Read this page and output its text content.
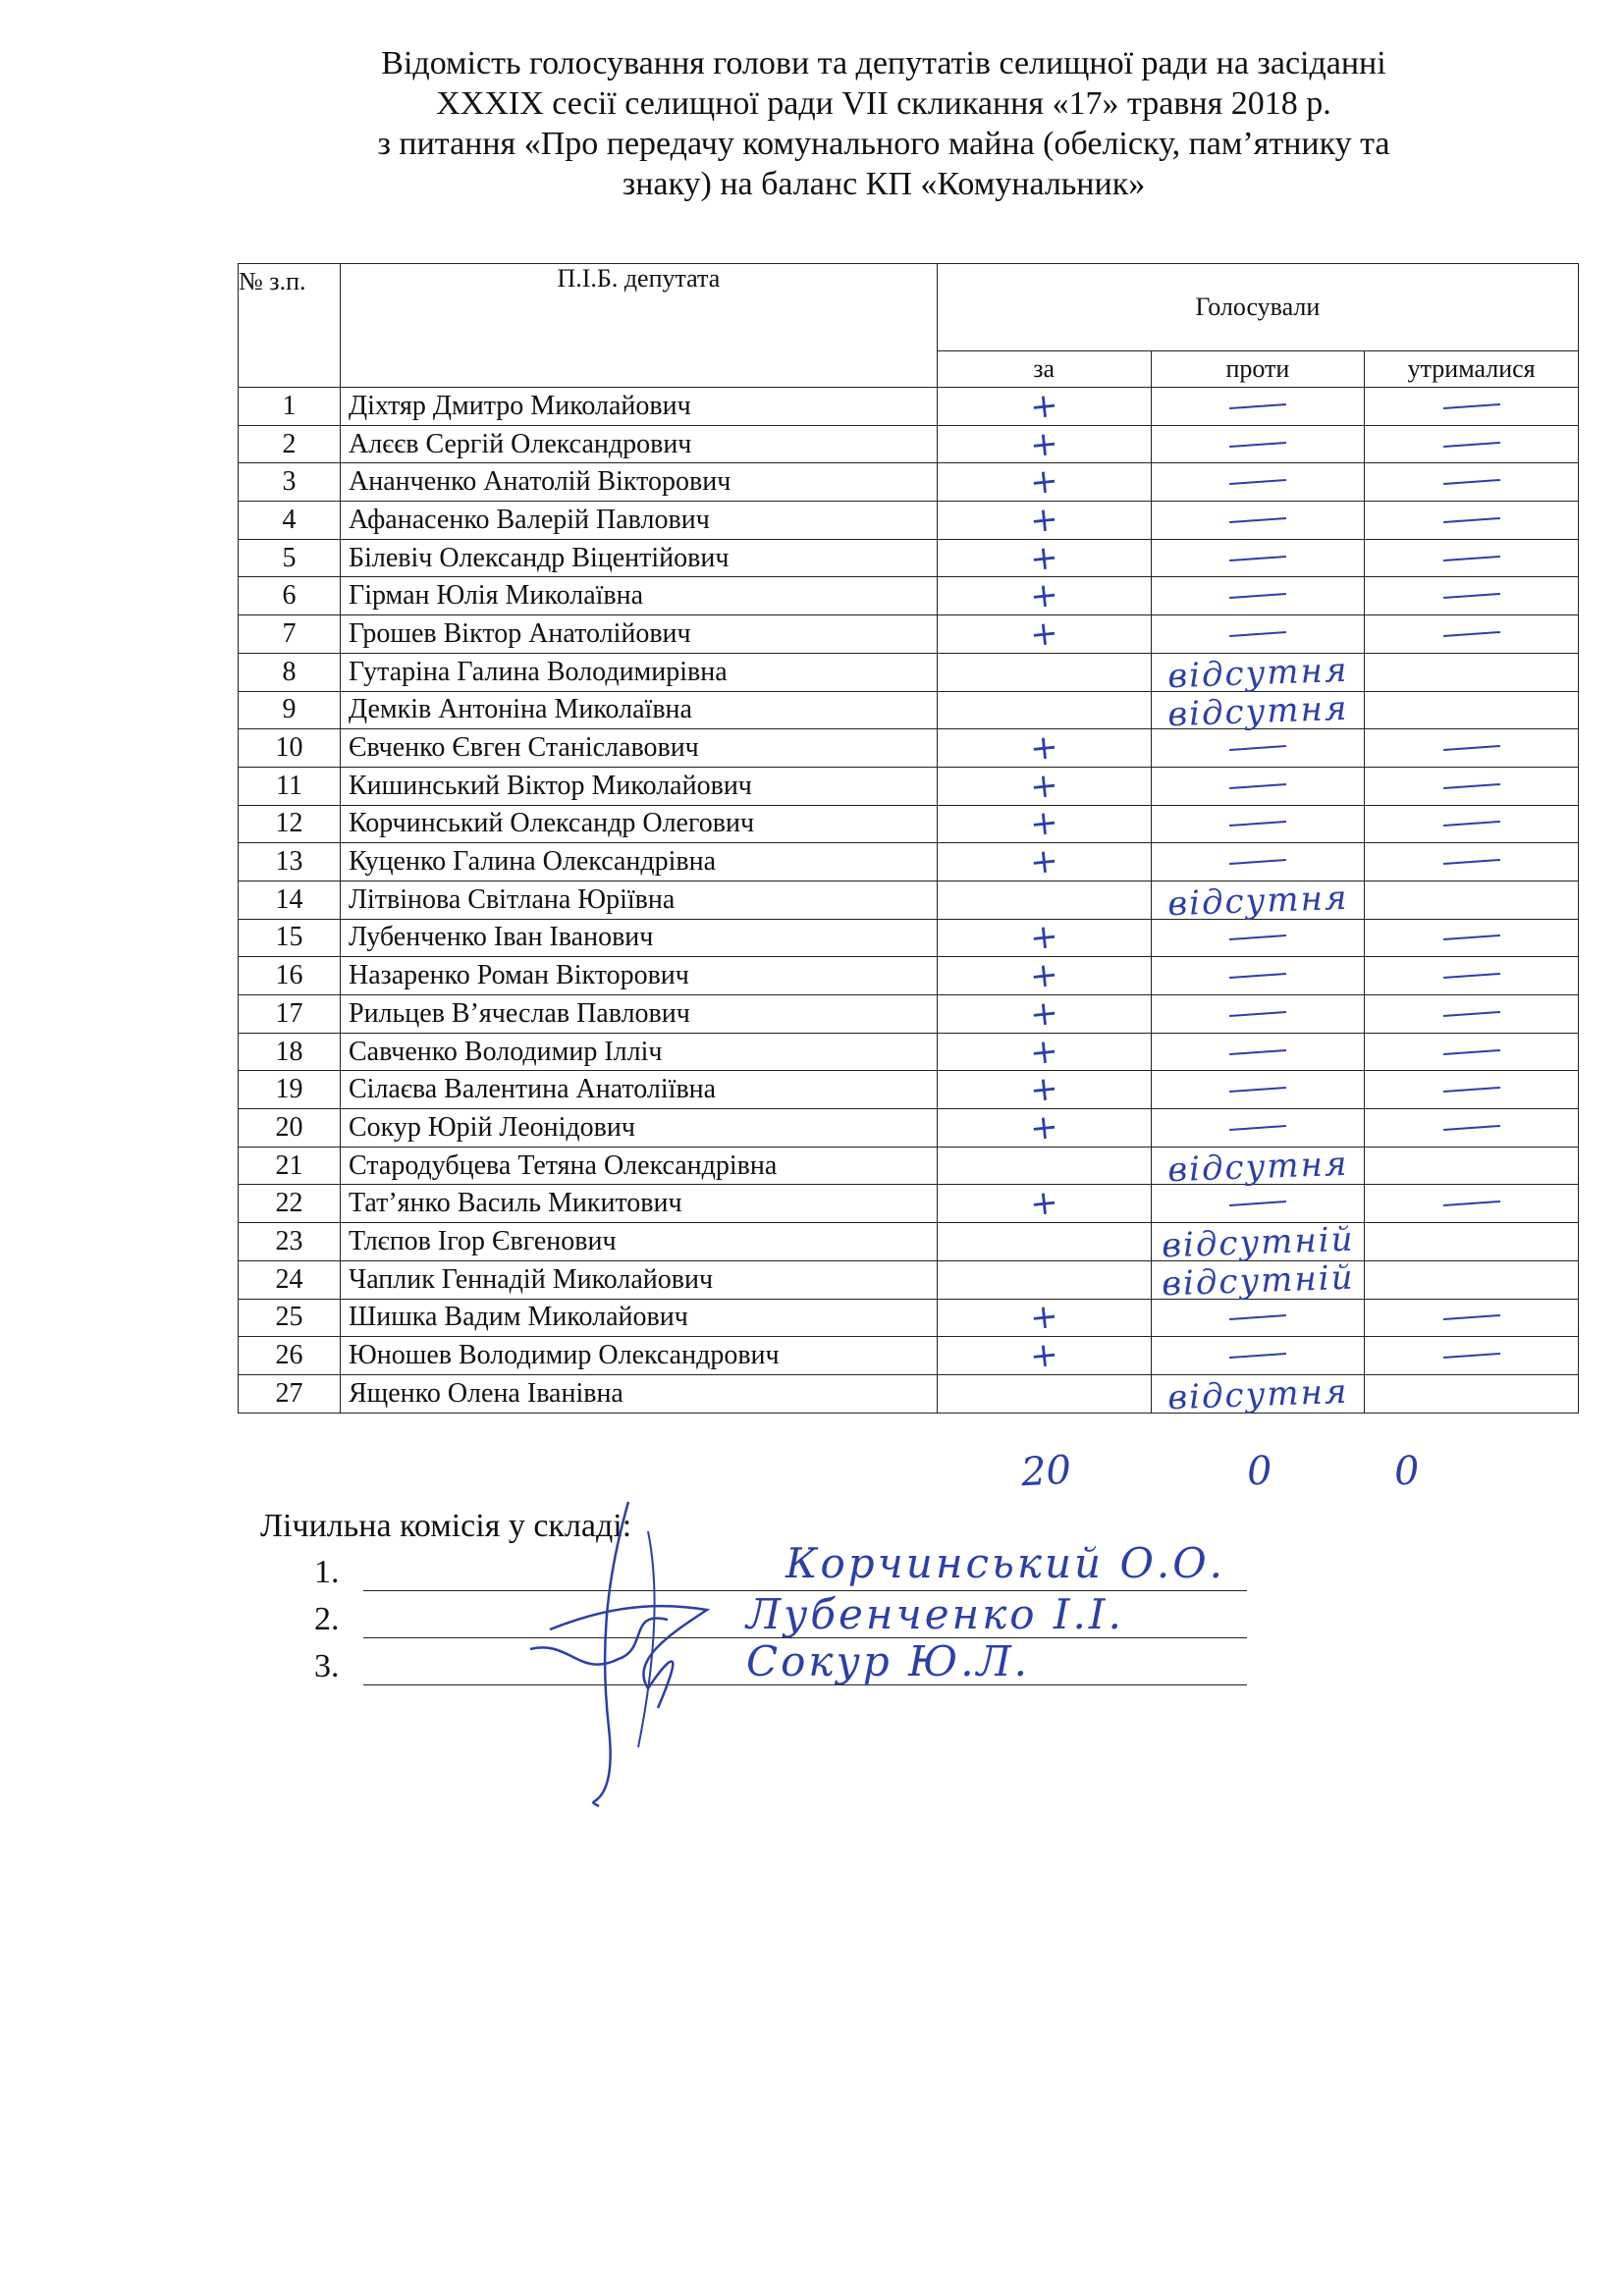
Відомість голосування голови та депутатів селищної ради на засіданні
ХХХІХ сесії селищної ради VІІ скликання «17» травня 2018 р.
з питання «Про передачу комунального майна (обеліску, пам’ятнику та
знаку) на баланс КП «Комунальник»
№ з.п.	П.І.Б. депутата	Голосували		
		за	проти	утрималися
1	Діхтяр Дмитро Миколайович	+		

2	Алєєв Сергій Олександрович	+		

3	Ананченко Анатолій Вікторович	+		

4	Афанасенко Валерій Павлович	+		

5	Білевіч Олександр Віцентійович	+		

6	Гірман Юлія Миколаївна	+		

7	Грошев Віктор Анатолійович	+		

8	Гутаріна Галина Володимирівна		відсутня	

9	Демків Антоніна Миколаївна		відсутня	

10	Євченко Євген Станіславович	+		

11	Кишинський Віктор Миколайович	+		

12	Корчинський Олександр Олегович	+		

13	Куценко Галина Олександрівна	+		

14	Літвінова Світлана Юріївна		відсутня	

15	Лубенченко Іван Іванович	+		

16	Назаренко Роман Вікторович	+		

17	Рильцев В’ячеслав Павлович	+		

18	Савченко Володимир Ілліч	+		

19	Сілаєва Валентина Анатоліївна	+		

20	Сокур Юрій Леонідович	+		

21	Стародубцева Тетяна Олександрівна		відсутня	

22	Тат’янко Василь Микитович	+		

23	Тлєпов Ігор Євгенович		відсутній	

24	Чаплик Геннадій Миколайович		відсутній	

25	Шишка Вадим Миколайович	+		

26	Юношев Володимир Олександрович	+		

27	Ященко Олена Іванівна		відсутня	

20	0	0
Лічильна комісія у складі:
1.	Корчинський О.О.
2.	Лубенченко І.І.
3.	Сокур Ю.Л.
